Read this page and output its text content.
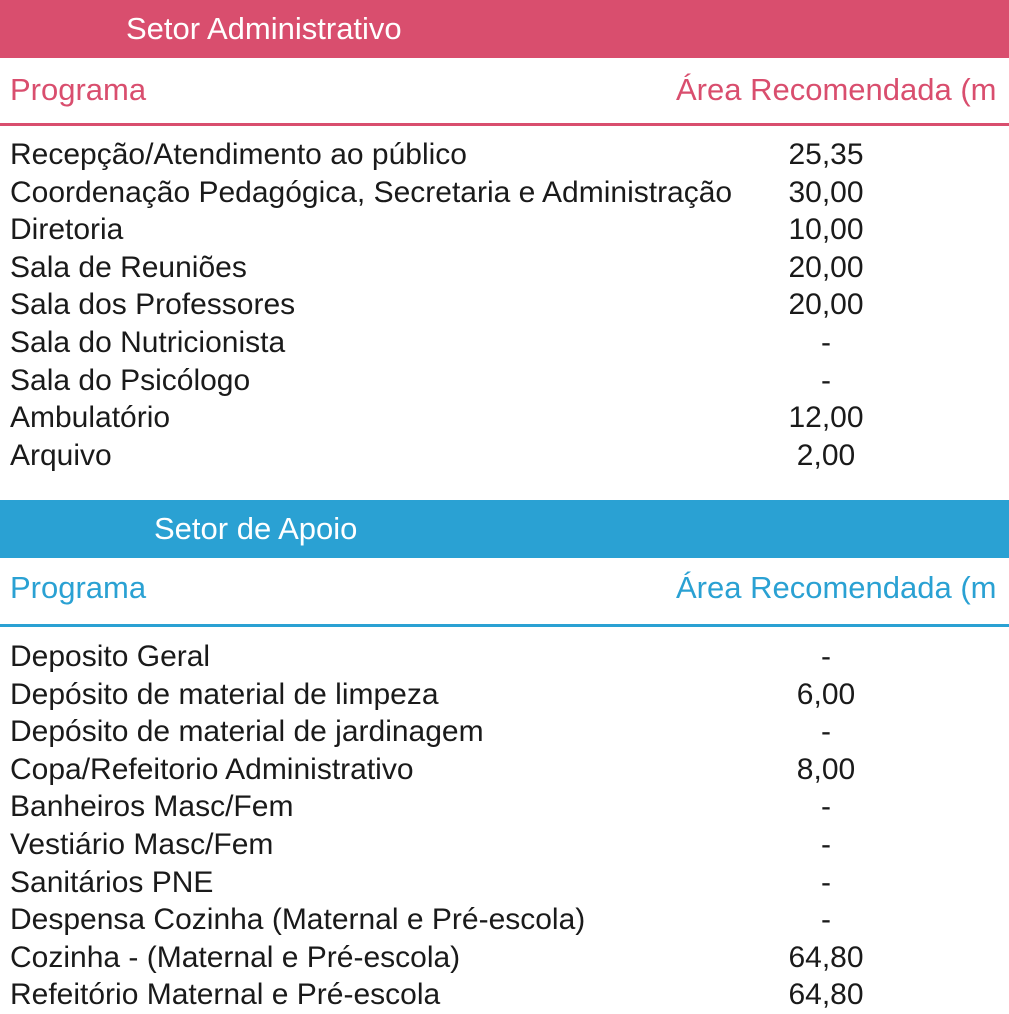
Setor Administrativo
Programa	Área Recomendada (m
Recepção/Atendimento ao público	25,35
Coordenação Pedagógica, Secretaria e Administração	30,00
Diretoria	10,00
Sala de Reuniões	20,00
Sala dos Professores	20,00
Sala do Nutricionista	-
Sala do Psicólogo	-
Ambulatório	12,00
Arquivo	2,00
Setor de Apoio
Programa	Área Recomendada (m
Deposito Geral	-
Depósito de material de limpeza	6,00
Depósito de material de jardinagem	-
Copa/Refeitorio Administrativo	8,00
Banheiros Masc/Fem	-
Vestiário Masc/Fem	-
Sanitários PNE	-
Despensa Cozinha (Maternal e Pré-escola)	-
Cozinha - (Maternal e Pré-escola)	64,80
Refeitório Maternal e Pré-escola	64,80
